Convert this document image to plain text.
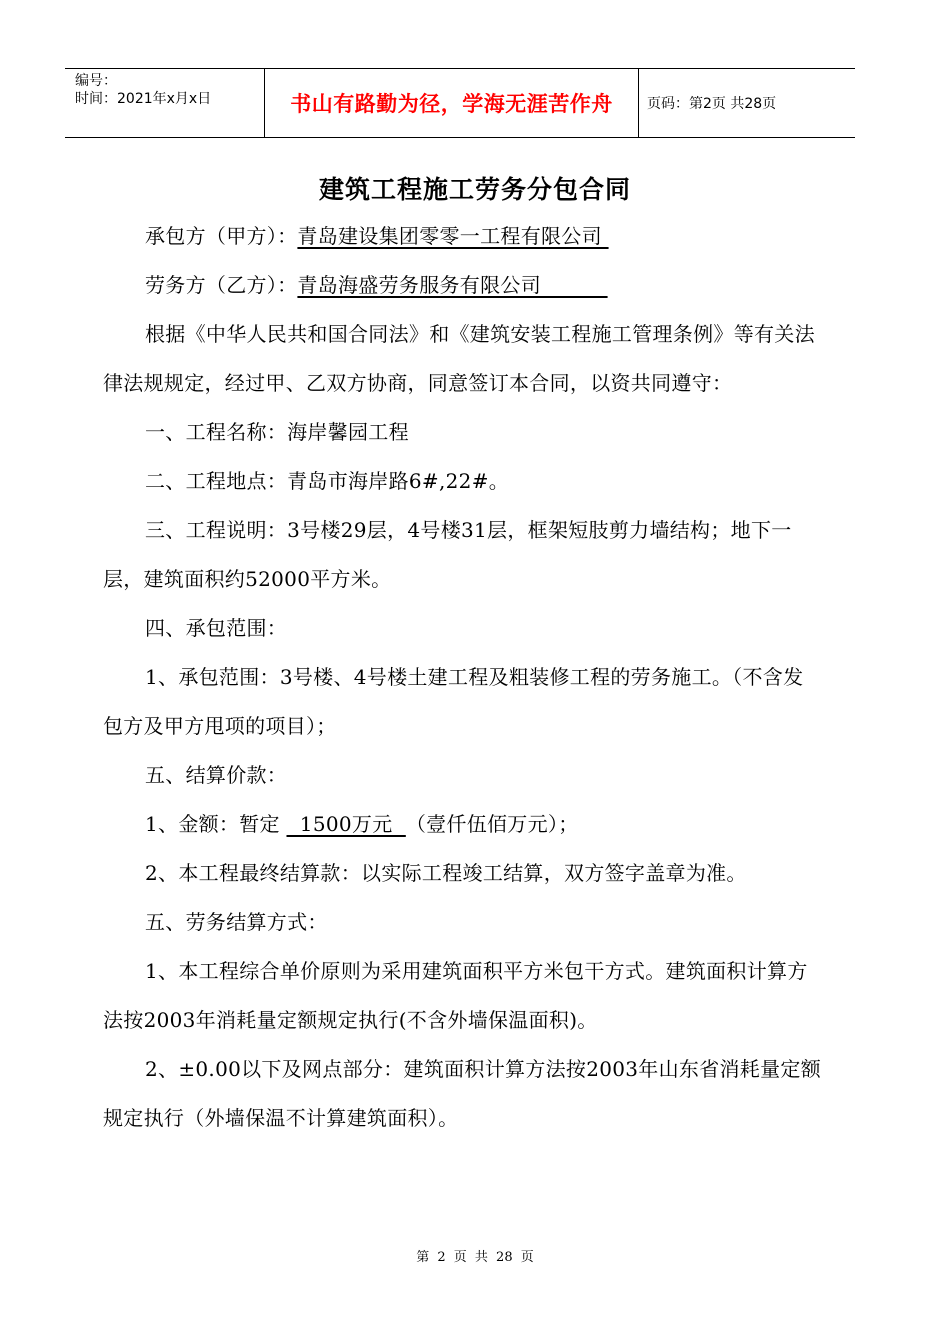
编号：
时间：2021年x月x日	书山有路勤为径，学海无涯苦作舟	页码：第2页 共28页
建筑工程施工劳务分包合同

承包方（甲方）：青岛建设集团零零一工程有限公司

劳务方（乙方）：青岛海盛劳务服务有限公司

根据《中华人民共和国合同法》和《建筑安装工程施工管理条例》等有关法律法规规定，经过甲、乙双方协商，同意签订本合同，以资共同遵守：

一、工程名称：海岸馨园工程

二、工程地点：青岛市海岸路6#,22#。

三、工程说明：3号楼29层，4号楼31层，框架短肢剪力墙结构；地下一层，建筑面积约52000平方米。

四、承包范围：

1、承包范围：3号楼、4号楼土建工程及粗装修工程的劳务施工。（不含发包方及甲方甩项的项目）；

五、结算价款：

1、金额：暂定   1500万元  （壹仟伍佰万元）；

2、本工程最终结算款：以实际工程竣工结算，双方签字盖章为准。

五、劳务结算方式：

1、本工程综合单价原则为采用建筑面积平方米包干方式。建筑面积计算方法按2003年消耗量定额规定执行(不含外墙保温面积)。

2、±0.00以下及网点部分：建筑面积计算方法按2003年山东省消耗量定额规定执行（外墙保温不计算建筑面积）。

第 2 页 共 28 页
